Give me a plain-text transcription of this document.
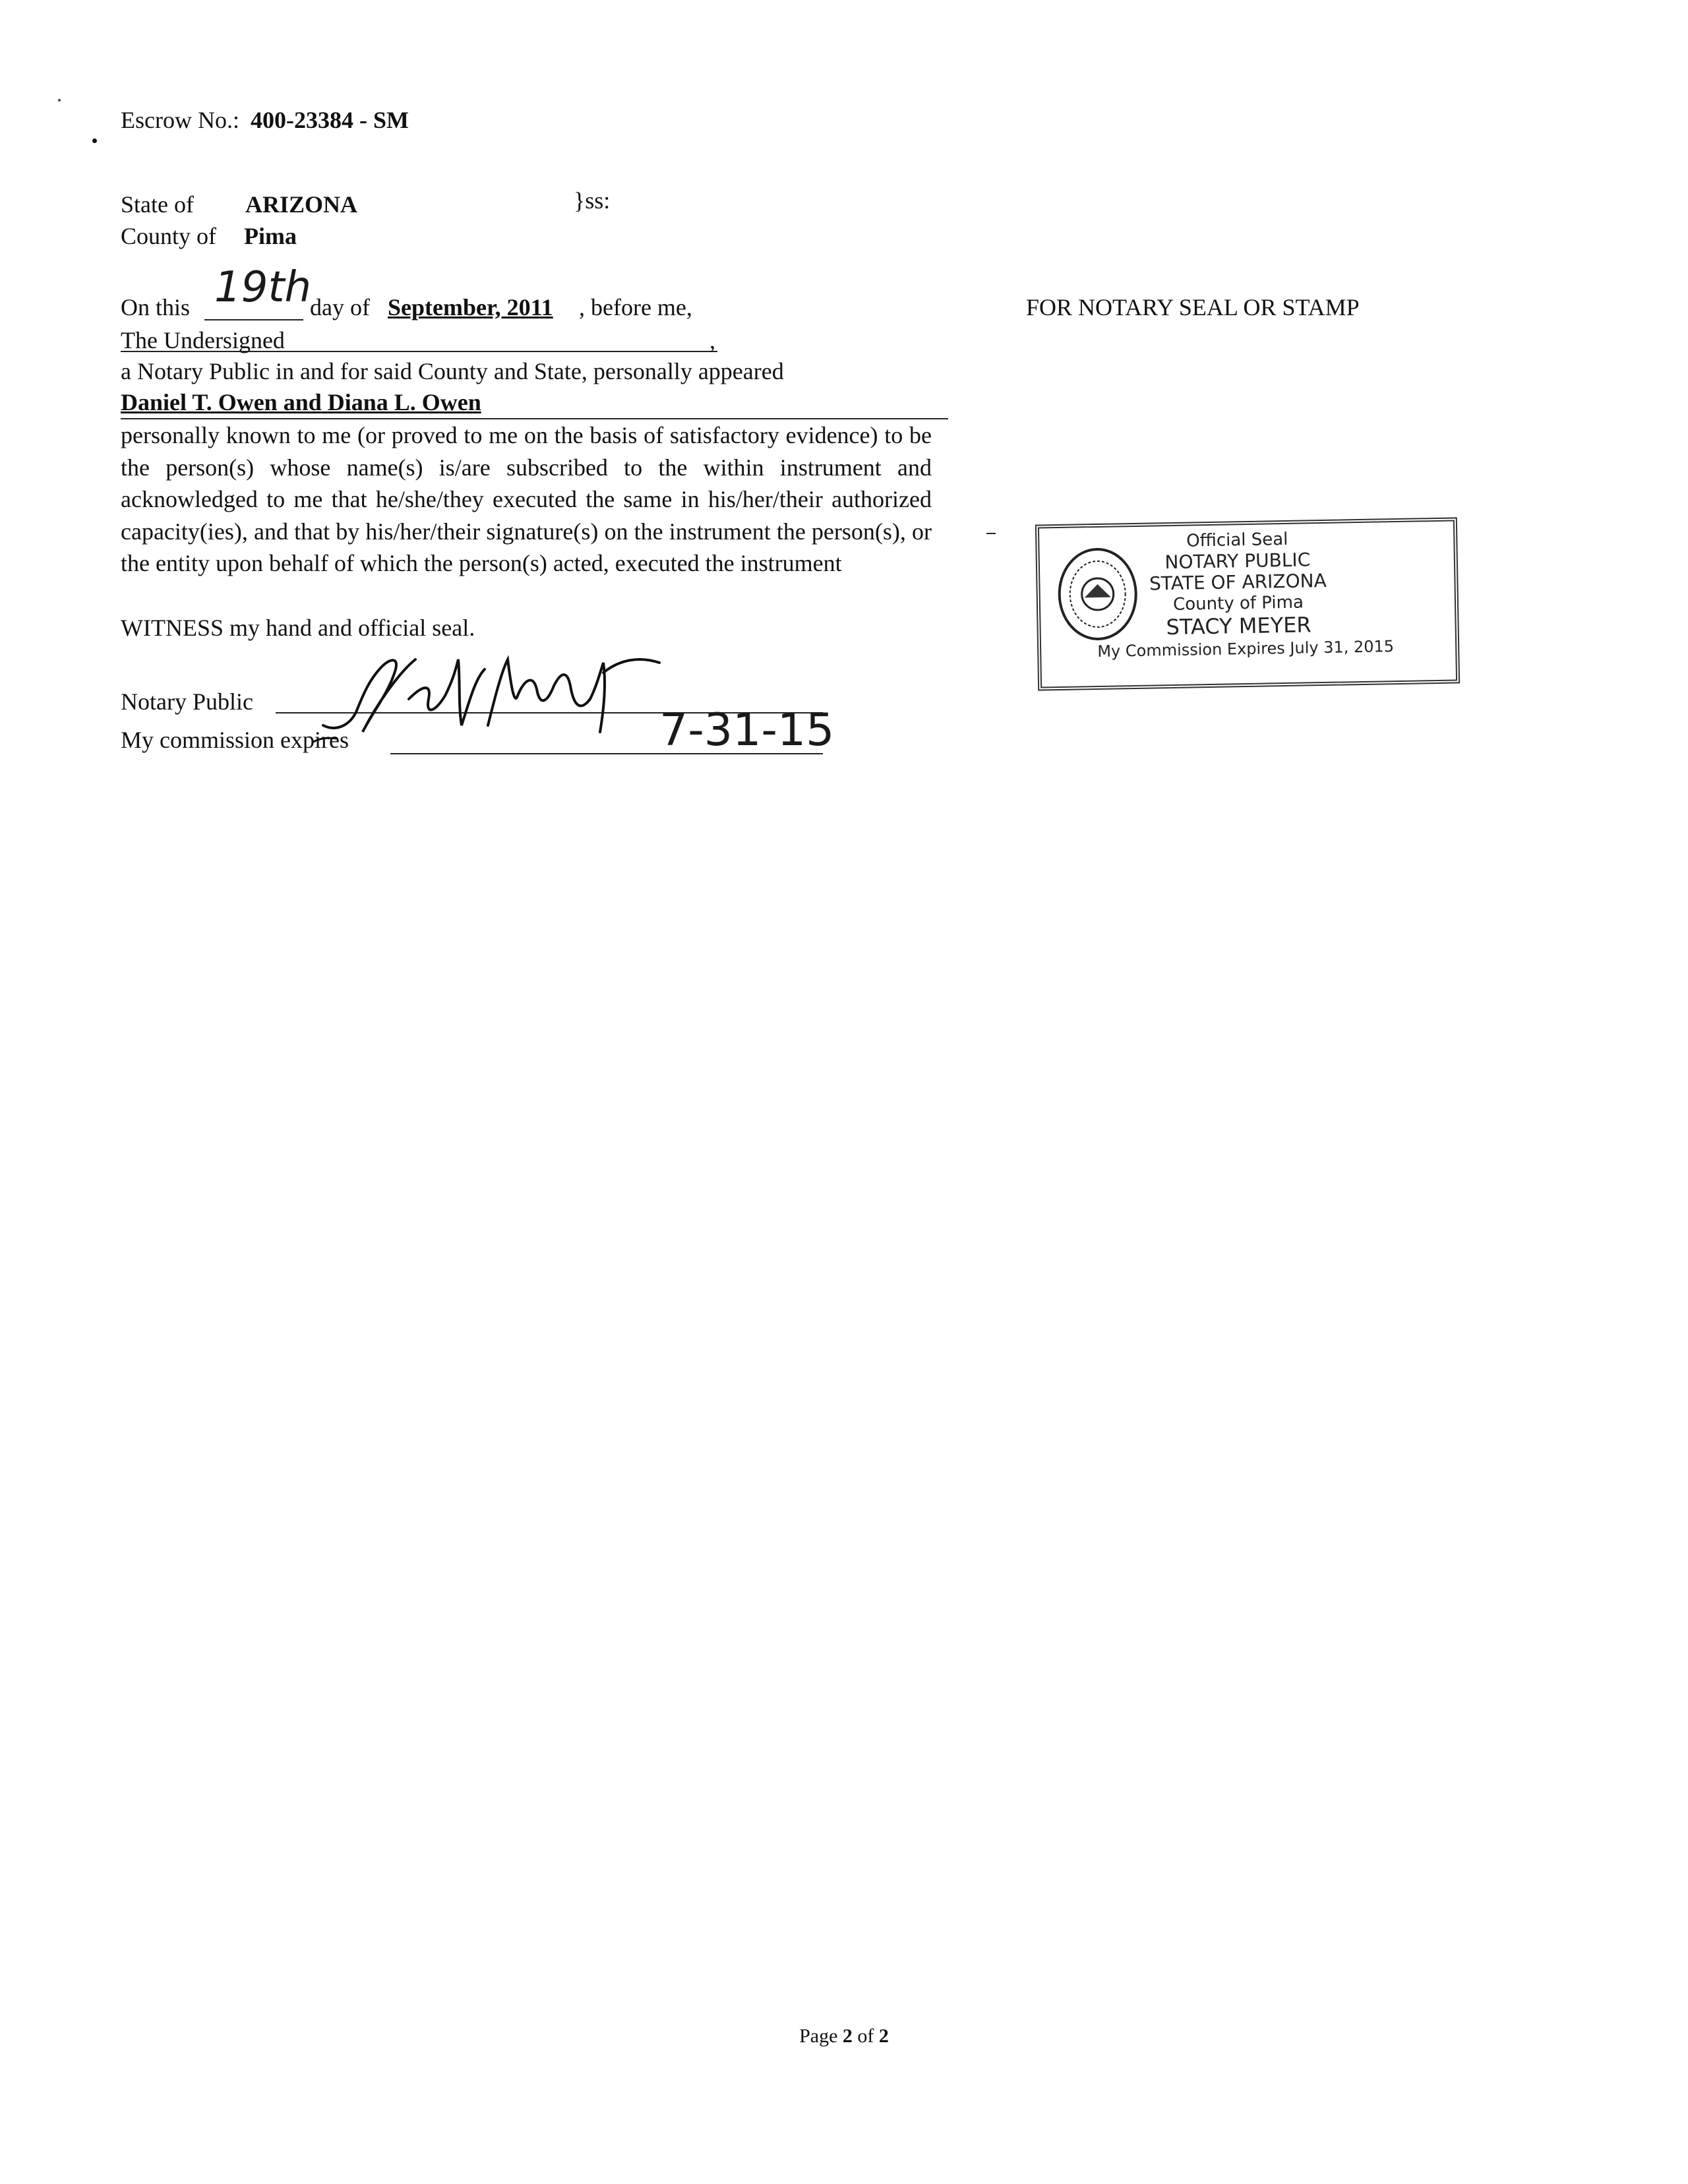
Escrow No.: 400-23384 - SM
State of ARIZONA	}ss:
County of Pima
On this 19th
day of September, 2011 , before me,
The Undersigned	,
a Notary Public in and for said County and State, personally appeared
Daniel T. Owen and Diana L. Owen
personally known to me (or proved to me on the basis of satisfactory evidence) to be the person(s) whose name(s) is/are subscribed to the within instrument and acknowledged to me that he/she/they executed the same in his/her/their authorized capacity(ies), and that by his/her/their signature(s) on the instrument the person(s), or the entity upon behalf of which the person(s) acted, executed the instrument
WITNESS my hand and official seal.
Notary Public
My commission expires	7-31-15
FOR NOTARY SEAL OR STAMP
Official Seal
NOTARY PUBLIC
STATE OF ARIZONA
County of Pima
STACY MEYER
My Commission Expires July 31, 2015
Page 2 of 2
